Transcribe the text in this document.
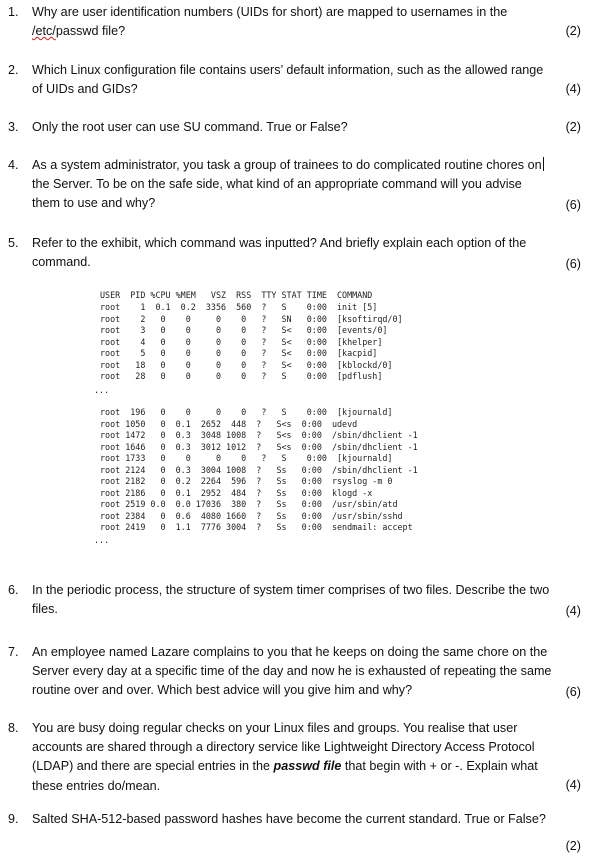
1. Why are user identification numbers (UIDs for short) are mapped to usernames in the
/etc/passwd file?	(2)
2. Which Linux configuration file contains users’ default information, such as the allowed range
of UIDs and GIDs?	(4)
3. Only the root user can use SU command. True or False?	(2)
4. As a system administrator, you task a group of trainees to do complicated routine chores on
the Server. To be on the safe side, what kind of an appropriate command will you advise
them to use and why?	(6)
5. Refer to the exhibit, which command was inputted? And briefly explain each option of the
command.	(6)
USER  PID %CPU %MEM   VSZ  RSS  TTY STAT TIME  COMMAND
root    1  0.1  0.2  3356  560  ?   S    0:00  init [5]
root    2   0    0     0    0   ?   SN   0:00  [ksoftirqd/0]
root    3   0    0     0    0   ?   S<   0:00  [events/0]
root    4   0    0     0    0   ?   S<   0:00  [khelper]
root    5   0    0     0    0   ?   S<   0:00  [kacpid]
root   18   0    0     0    0   ?   S<   0:00  [kblockd/0]
root   28   0    0     0    0   ?   S    0:00  [pdflush]
...
root  196   0    0     0    0   ?   S    0:00  [kjournald]
root 1050   0  0.1  2652  448  ?   S<s  0:00  udevd
root 1472   0  0.3  3048 1008  ?   S<s  0:00  /sbin/dhclient -1
root 1646   0  0.3  3012 1012  ?   S<s  0:00  /sbin/dhclient -1
root 1733   0    0     0    0   ?   S    0:00  [kjournald]
root 2124   0  0.3  3004 1008  ?   Ss   0:00  /sbin/dhclient -1
root 2182   0  0.2  2264  596  ?   Ss   0:00  rsyslog -m 0
root 2186   0  0.1  2952  484  ?   Ss   0:00  klogd -x
root 2519 0.0  0.0 17036  380  ?   Ss   0:00  /usr/sbin/atd
root 2384   0  0.6  4080 1660  ?   Ss   0:00  /usr/sbin/sshd
root 2419   0  1.1  7776 3004  ?   Ss   0:00  sendmail: accept
...
6. In the periodic process, the structure of system timer comprises of two files. Describe the two
files.	(4)
7. An employee named Lazare complains to you that he keeps on doing the same chore on the
Server every day at a specific time of the day and now he is exhausted of repeating the same
routine over and over. Which best advice will you give him and why?	(6)
8. You are busy doing regular checks on your Linux files and groups. You realise that user
accounts are shared through a directory service like Lightweight Directory Access Protocol
(LDAP) and there are special entries in the passwd file that begin with + or -. Explain what
these entries do/mean.	(4)
9. Salted SHA-512-based password hashes have become the current standard. True or False?
(2)
